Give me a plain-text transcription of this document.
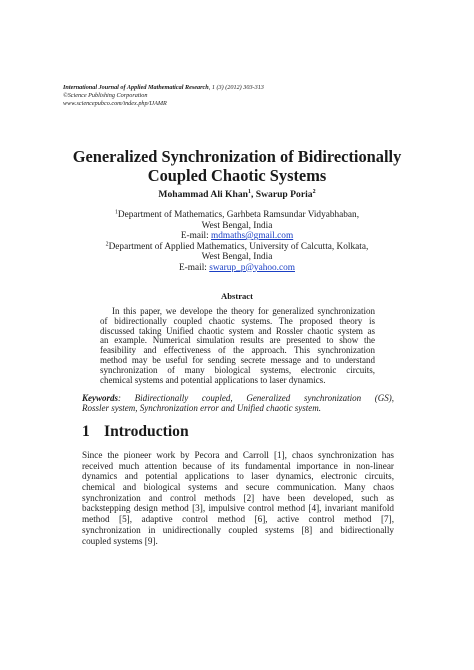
International Journal of Applied Mathematical Research, 1 (3) (2012) 303-313
©Science Publishing Corporation
www.sciencepubco.com/index.php/IJAMR
Generalized Synchronization of Bidirectionally
Coupled Chaotic Systems
Mohammad Ali Khan$^1$, Swarup Poria$^2$
$^1$Department of Mathematics, Garhbeta Ramsundar Vidyabhaban,
West Bengal, India
E-mail: mdmaths@gmail.com
$^2$Department of Applied Mathematics, University of Calcutta, Kolkata,
West Bengal, India
E-mail: swarup_p@yahoo.com
Abstract
In this paper, we develope the theory for generalized synchronization
of bidirectionally coupled chaotic systems. The proposed theory is
discussed taking Unified chaotic system and Rossler chaotic system as
an example. Numerical simulation results are presented to show the
feasibility and effectiveness of the approach. This synchronization
method may be useful for sending secrete message and to understand
synchronization of many biological systems, electronic circuits,
chemical systems and potential applications to laser dynamics.
Keywords: Bidirectionally coupled, Generalized synchronization (GS),
Rossler system, Synchronization error and Unified chaotic system.
1 Introduction
Since the pioneer work by Pecora and Carroll [1], chaos synchronization has
received much attention because of its fundamental importance in non-linear
dynamics and potential applications to laser dynamics, electronic circuits,
chemical and biological systems and secure communication. Many chaos
synchronization and control methods [2] have been developed, such as
backstepping design method [3], impulsive control method [4], invariant manifold
method [5], adaptive control method [6], active control method [7],
synchronization in unidirectionally coupled systems [8] and bidirectionally
coupled systems [9].
